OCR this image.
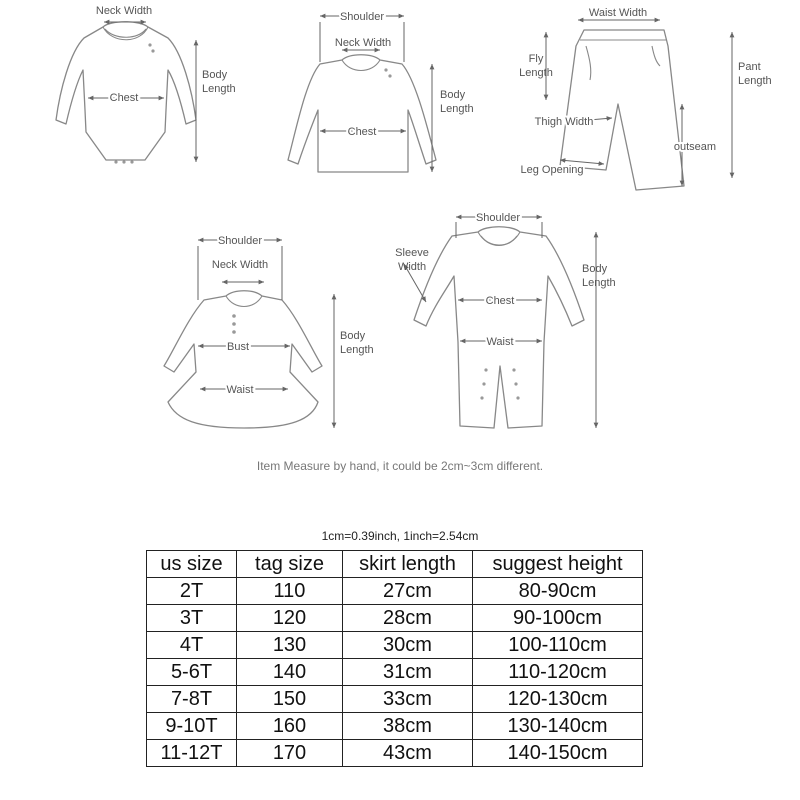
Neck Width
Chest
Body
Length
Shoulder
Neck Width
Chest
Body
Length
Waist Width
Fly
Length	Pant
Length
Thigh Width
outseam
Leg Opening
Shoulder
Neck Width
Bust
Waist
Body
Length
Shoulder
Sleeve
Width
Chest
Waist
Body
Length
Item Measure by hand, it could be 2cm~3cm different.
1cm=0.39inch, 1inch=2.54cm
us size	tag size	skirt length	suggest height
2T	110	27cm	80-90cm
3T	120	28cm	90-100cm
4T	130	30cm	100-110cm
5-6T	140	31cm	110-120cm
7-8T	150	33cm	120-130cm
9-10T	160	38cm	130-140cm
11-12T	170	43cm	140-150cm
